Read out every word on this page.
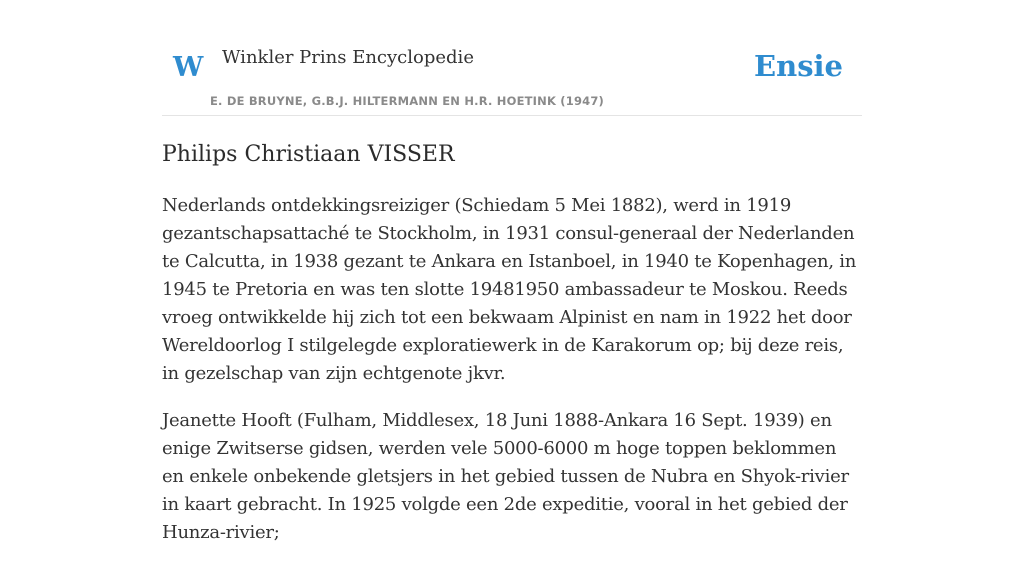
W Winkler Prins Encyclopedie
E. DE BRUYNE, G.B.J. HILTERMANN EN H.R. HOETINK (1947)
Ensie
Philips Christiaan VISSER

Nederlands ontdekkingsreiziger (Schiedam 5 Mei 1882), werd in 1919 gezantschapsattaché te Stockholm, in 1931 consul-generaal der Nederlanden te Calcutta, in 1938 gezant te Ankara en Istanboel, in 1940 te Kopenhagen, in 1945 te Pretoria en was ten slotte 19481950 ambassadeur te Moskou. Reeds vroeg ontwikkelde hij zich tot een bekwaam Alpinist en nam in 1922 het door Wereldoorlog I stilgelegde exploratiewerk in de Karakorum op; bij deze reis, in gezelschap van zijn echtgenote jkvr.

Jeanette Hooft (Fulham, Middlesex, 18 Juni 1888-Ankara 16 Sept. 1939) en enige Zwitserse gidsen, werden vele 5000-6000 m hoge toppen beklommen en enkele onbekende gletsjers in het gebied tussen de Nubra en Shyok-rivier in kaart gebracht. In 1925 volgde een 2de expeditie, vooral in het gebied der Hunza-rivier;
